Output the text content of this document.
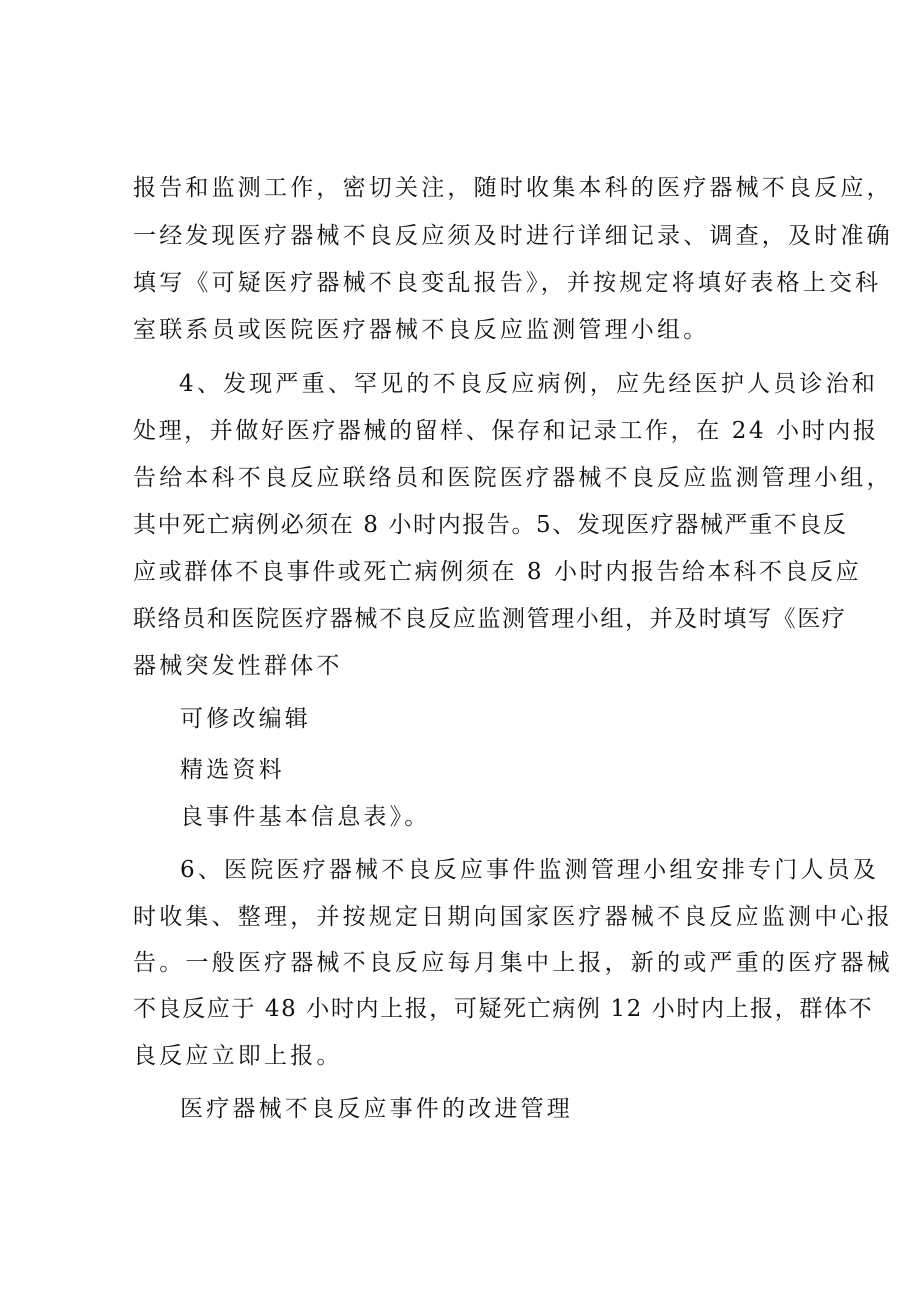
报告和监测工作，密切关注，随时收集本科的医疗器械不良反应，
一经发现医疗器械不良反应须及时进行详细记录、调查，及时准确
填写《可疑医疗器械不良变乱报告》，并按规定将填好表格上交科
室联系员或医院医疗器械不良反应监测管理小组。
4、发现严重、罕见的不良反应病例，应先经医护人员诊治和
处理，并做好医疗器械的留样、保存和记录工作，在 24 小时内报
告给本科不良反应联络员和医院医疗器械不良反应监测管理小组，
其中死亡病例必须在 8 小时内报告。5、发现医疗器械严重不良反
应或群体不良事件或死亡病例须在 8 小时内报告给本科不良反应
联络员和医院医疗器械不良反应监测管理小组，并及时填写《医疗
器械突发性群体不
可修改编辑
精选资料
良事件基本信息表》。
6、医院医疗器械不良反应事件监测管理小组安排专门人员及
时收集、整理，并按规定日期向国家医疗器械不良反应监测中心报
告。一般医疗器械不良反应每月集中上报，新的或严重的医疗器械
不良反应于 48 小时内上报，可疑死亡病例 12 小时内上报，群体不
良反应立即上报。
医疗器械不良反应事件的改进管理
